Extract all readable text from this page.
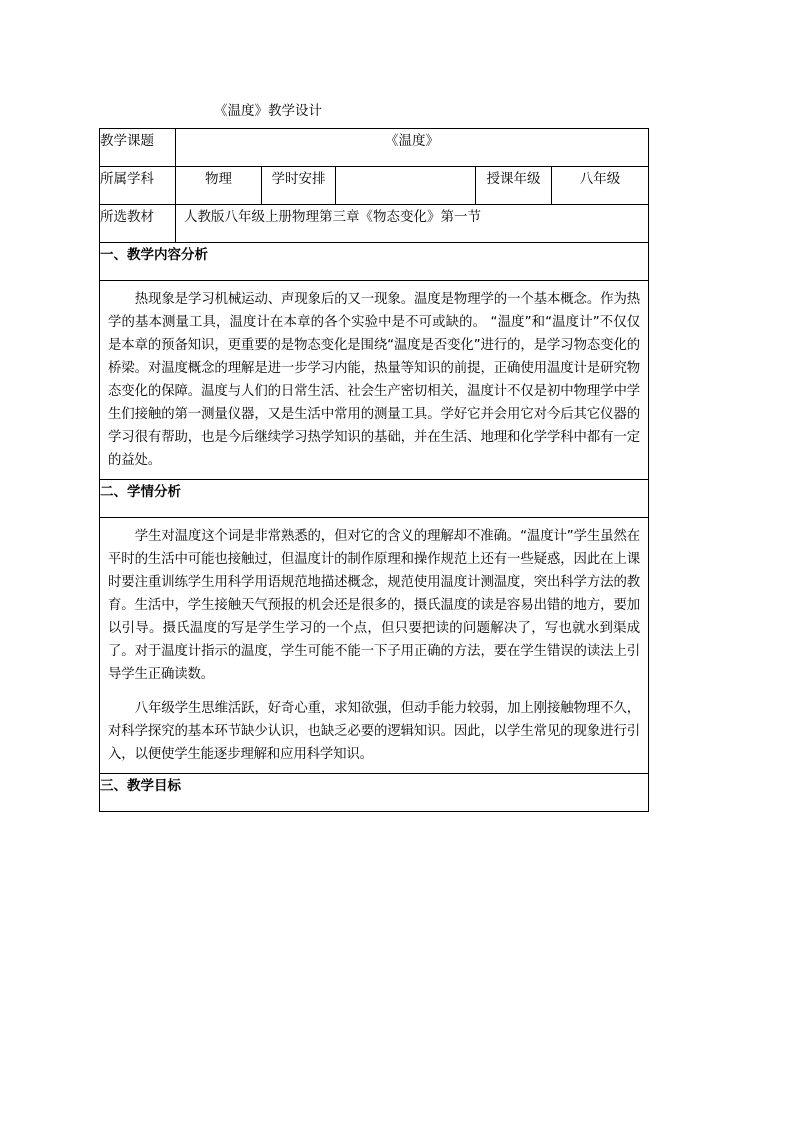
《温度》教学设计
教学课题	《温度》				
所属学科	物理	学时安排		授课年级	八年级
所选教材	人教版八年级上册物理第三章《物态变化》第一节				
一、教学内容分析					

热现象是学习机械运动、声现象后的又一现象。温度是物理学的一个基本概念。作为热学的基本测量工具，温度计在本章的各个实验中是不可或缺的。 “温度”和“温度计”不仅仅是本章的预备知识，更重要的是物态变化是围绕“温度是否变化”进行的，是学习物态变化的桥梁。对温度概念的理解是进一步学习内能，热量等知识的前提，正确使用温度计是研究物态变化的保障。温度与人们的日常生活、社会生产密切相关，温度计不仅是初中物理学中学生们接触的第一测量仪器，又是生活中常用的测量工具。学好它并会用它对今后其它仪器的学习很有帮助，也是今后继续学习热学知识的基础，并在生活、地理和化学学科中都有一定的益处。					

二、学情分析					

学生对温度这个词是非常熟悉的，但对它的含义的理解却不准确。“温度计”学生虽然在平时的生活中可能也接触过，但温度计的制作原理和操作规范上还有一些疑惑，因此在上课时要注重训练学生用科学用语规范地描述概念，规范使用温度计测温度，突出科学方法的教育。生活中，学生接触天气预报的机会还是很多的，摄氏温度的读是容易出错的地方，要加以引导。摄氏温度的写是学生学习的一个点，但只要把读的问题解决了，写也就水到渠成了。对于温度计指示的温度，学生可能不能一下子用正确的方法，要在学生错误的读法上引导学生正确读数。

八年级学生思维活跃，好奇心重，求知欲强，但动手能力较弱，加上刚接触物理不久，对科学探究的基本环节缺少认识，也缺乏必要的逻辑知识。因此，以学生常见的现象进行引入，以便使学生能逐步理解和应用科学知识。					

三、教学目标					
